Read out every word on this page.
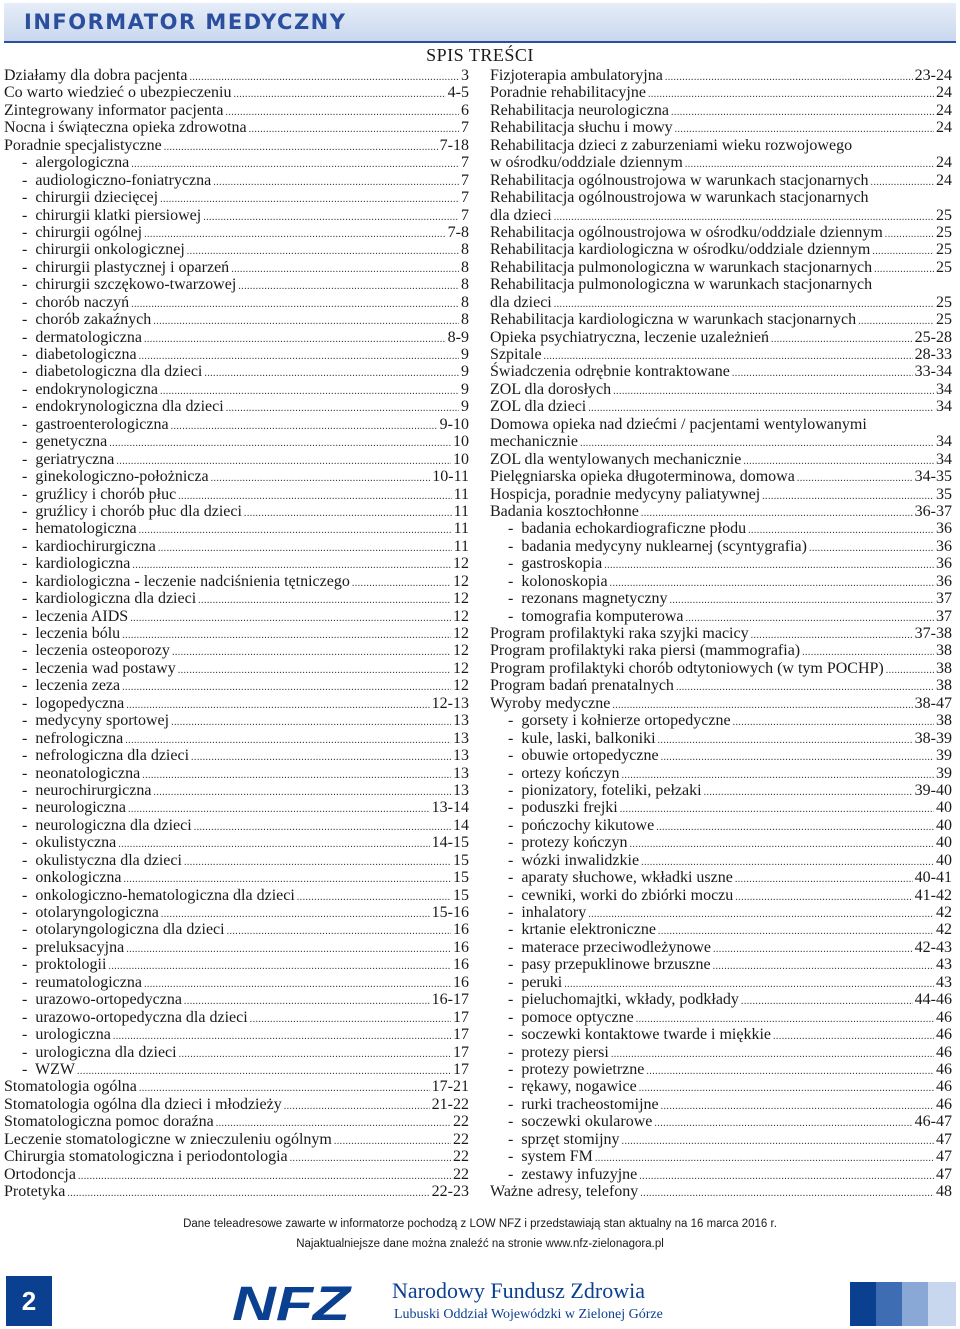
INFORMATOR MEDYCZNY
SPIS TREŚCI
Działamy dla dobra pacjenta .....	3
Co warto wiedzieć o ubezpieczeniu .....	4-5
Zintegrowany informator pacjenta .....	6
Nocna i świąteczna opieka zdrowotna .....	7
Poradnie specjalistyczne .....	7-18
-  alergologiczna .....	7
-  audiologiczno-foniatryczna .....	7
-  chirurgii dziecięcej .....	7
-  chirurgii klatki piersiowej .....	7
-  chirurgii ogólnej .....	7-8
-  chirurgii onkologicznej .....	8
-  chirurgii plastycznej i oparzeń .....	8
-  chirurgii szczękowo-twarzowej .....	8
-  chorób naczyń .....	8
-  chorób zakaźnych .....	8
-  dermatologiczna .....	8-9
-  diabetologiczna .....	9
-  diabetologiczna dla dzieci .....	9
-  endokrynologiczna .....	9
-  endokrynologiczna dla dzieci .....	9
-  gastroenterologiczna .....	9-10
-  genetyczna .....	10
-  geriatryczna .....	10
-  ginekologiczno-położnicza .....	10-11
-  gruźlicy i chorób płuc .....	11
-  gruźlicy i chorób płuc dla dzieci .....	11
-  hematologiczna .....	11
-  kardiochirurgiczna .....	11
-  kardiologiczna .....	12
-  kardiologiczna - leczenie nadciśnienia tętniczego .....	12
-  kardiologiczna dla dzieci .....	12
-  leczenia AIDS .....	12
-  leczenia bólu .....	12
-  leczenia osteoporozy .....	12
-  leczenia wad postawy .....	12
-  leczenia zeza .....	12
-  logopedyczna .....	12-13
-  medycyny sportowej .....	13
-  nefrologiczna .....	13
-  nefrologiczna dla dzieci .....	13
-  neonatologiczna .....	13
-  neurochirurgiczna .....	13
-  neurologiczna .....	13-14
-  neurologiczna dla dzieci .....	14
-  okulistyczna .....	14-15
-  okulistyczna dla dzieci .....	15
-  onkologiczna .....	15
-  onkologiczno-hematologiczna dla dzieci .....	15
-  otolaryngologiczna .....	15-16
-  otolaryngologiczna dla dzieci .....	16
-  preluksacyjna .....	16
-  proktologii .....	16
-  reumatologiczna .....	16
-  urazowo-ortopedyczna .....	16-17
-  urazowo-ortopedyczna dla dzieci .....	17
-  urologiczna .....	17
-  urologiczna dla dzieci .....	17
-  WZW .....	17
Stomatologia ogólna .....	17-21
Stomatologia ogólna dla dzieci i młodzieży .....	21-22
Stomatologiczna pomoc doraźna .....	22
Leczenie stomatologiczne w znieczuleniu ogólnym .....	22
Chirurgia stomatologiczna i periodontologia .....	22
Ortodoncja .....	22
Protetyka .....	22-23
Fizjoterapia ambulatoryjna .....	23-24
Poradnie rehabilitacyjne .....	24
Rehabilitacja neurologiczna .....	24
Rehabilitacja słuchu i mowy .....	24
Rehabilitacja dzieci z zaburzeniami wieku rozwojowego
w ośrodku/oddziale dziennym .....	24
Rehabilitacja ogólnoustrojowa w warunkach stacjonarnych .....	24
Rehabilitacja ogólnoustrojowa w warunkach stacjonarnych
dla dzieci .....	25
Rehabilitacja ogólnoustrojowa w ośrodku/oddziale dziennym .....	25
Rehabilitacja kardiologiczna w ośrodku/oddziale dziennym .....	25
Rehabilitacja pulmonologiczna w warunkach stacjonarnych .....	25
Rehabilitacja pulmonologiczna w warunkach stacjonarnych
dla dzieci .....	25
Rehabilitacja kardiologiczna w warunkach stacjonarnych .....	25
Opieka psychiatryczna, leczenie uzależnień .....	25-28
Szpitale .....	28-33
Świadczenia odrębnie kontraktowane .....	33-34
ZOL dla dorosłych .....	34
ZOL dla dzieci .....	34
Domowa opieka nad dziećmi / pacjentami wentylowanymi
mechanicznie .....	34
ZOL dla wentylowanych mechanicznie .....	34
Pielęgniarska opieka długoterminowa, domowa .....	34-35
Hospicja, poradnie medycyny paliatywnej .....	35
Badania kosztochłonne .....	36-37
-  badania echokardiograficzne płodu .....	36
-  badania medycyny nuklearnej (scyntygrafia) .....	36
-  gastroskopia .....	36
-  kolonoskopia .....	36
-  rezonans magnetyczny .....	37
-  tomografia komputerowa .....	37
Program profilaktyki raka szyjki macicy .....	37-38
Program profilaktyki raka piersi (mammografia) .....	38
Program profilaktyki chorób odtytoniowych (w tym POCHP) .....	38
Program badań prenatalnych .....	38
Wyroby medyczne .....	38-47
-  gorsety i kołnierze ortopedyczne .....	38
-  kule, laski, balkoniki .....	38-39
-  obuwie ortopedyczne .....	39
-  ortezy kończyn .....	39
-  pionizatory, foteliki, pełzaki .....	39-40
-  poduszki frejki .....	40
-  pończochy kikutowe .....	40
-  protezy kończyn .....	40
-  wózki inwalidzkie .....	40
-  aparaty słuchowe, wkładki uszne .....	40-41
-  cewniki, worki do zbiórki moczu .....	41-42
-  inhalatory .....	42
-  krtanie elektroniczne .....	42
-  materace przeciwodleżynowe .....	42-43
-  pasy przepuklinowe brzuszne .....	43
-  peruki .....	43
-  pieluchomajtki, wkłady, podkłady .....	44-46
-  pomoce optyczne .....	46
-  soczewki kontaktowe twarde i miękkie .....	46
-  protezy piersi .....	46
-  protezy powietrzne .....	46
-  rękawy, nogawice .....	46
-  rurki tracheostomijne .....	46
-  soczewki okularowe .....	46-47
-  sprzęt stomijny .....	47
-  system FM .....	47
-  zestawy infuzyjne .....	47
Ważne adresy, telefony .....	48
Dane teleadresowe zawarte w informatorze pochodzą z LOW NFZ i przedstawiają stan aktualny na 16 marca 2016 r.
Najaktualniejsze dane można znaleźć na stronie www.nfz-zielonagora.pl
2	NFZ Narodowy Fundusz Zdrowia
Lubuski Oddział Wojewódzki w Zielonej Górze
